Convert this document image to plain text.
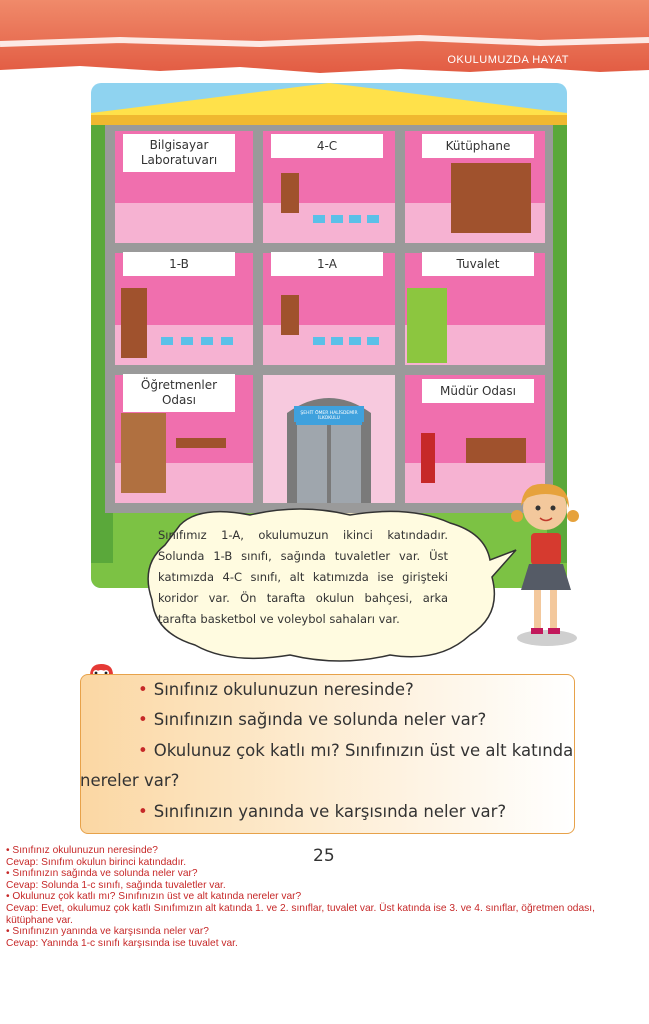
OKULUMUZDA HAYAT
Bilgisayar Laboratuvarı
4-C	Kütüphane
1-B	1-A	Tuvalet
Öğretmenler Odası
Müdür Odası
ŞEHİT ÖMER HALİSDEMİR İLKOKULU
Sınıfımız 1-A, okulumuzun ikinci katındadır. Solunda 1-B sınıfı, sağında tuvaletler var. Üst katımızda 4-C sınıfı, alt katımızda ise girişteki koridor var. Ön tarafta okulun bahçesi, arka tarafta basketbol ve voleybol sahaları var.
• Sınıfınız okulunuzun neresinde?
• Sınıfınızın sağında ve solunda neler var?
• Okulunuz çok katlı mı? Sınıfınızın üst ve alt katında
nereler var?
• Sınıfınızın yanında ve karşısında neler var?
25
• Sınıfınız okulunuzun neresinde?
Cevap: Sınıfım okulun birinci katındadır.
• Sınıfınızın sağında ve solunda neler var?
Cevap: Solunda 1-c sınıfı, sağında tuvaletler var.
• Okulunuz çok katlı mı? Sınıfınızın üst ve alt katında nereler var?
Cevap: Evet, okulumuz çok katlı Sınıfımızın alt katında 1. ve 2. sınıflar, tuvalet var. Üst katında ise 3. ve 4. sınıflar, öğretmen odası, kütüphane var.
• Sınıfınızın yanında ve karşısında neler var?
Cevap: Yanında 1-c sınıfı karşısında ise tuvalet var.
